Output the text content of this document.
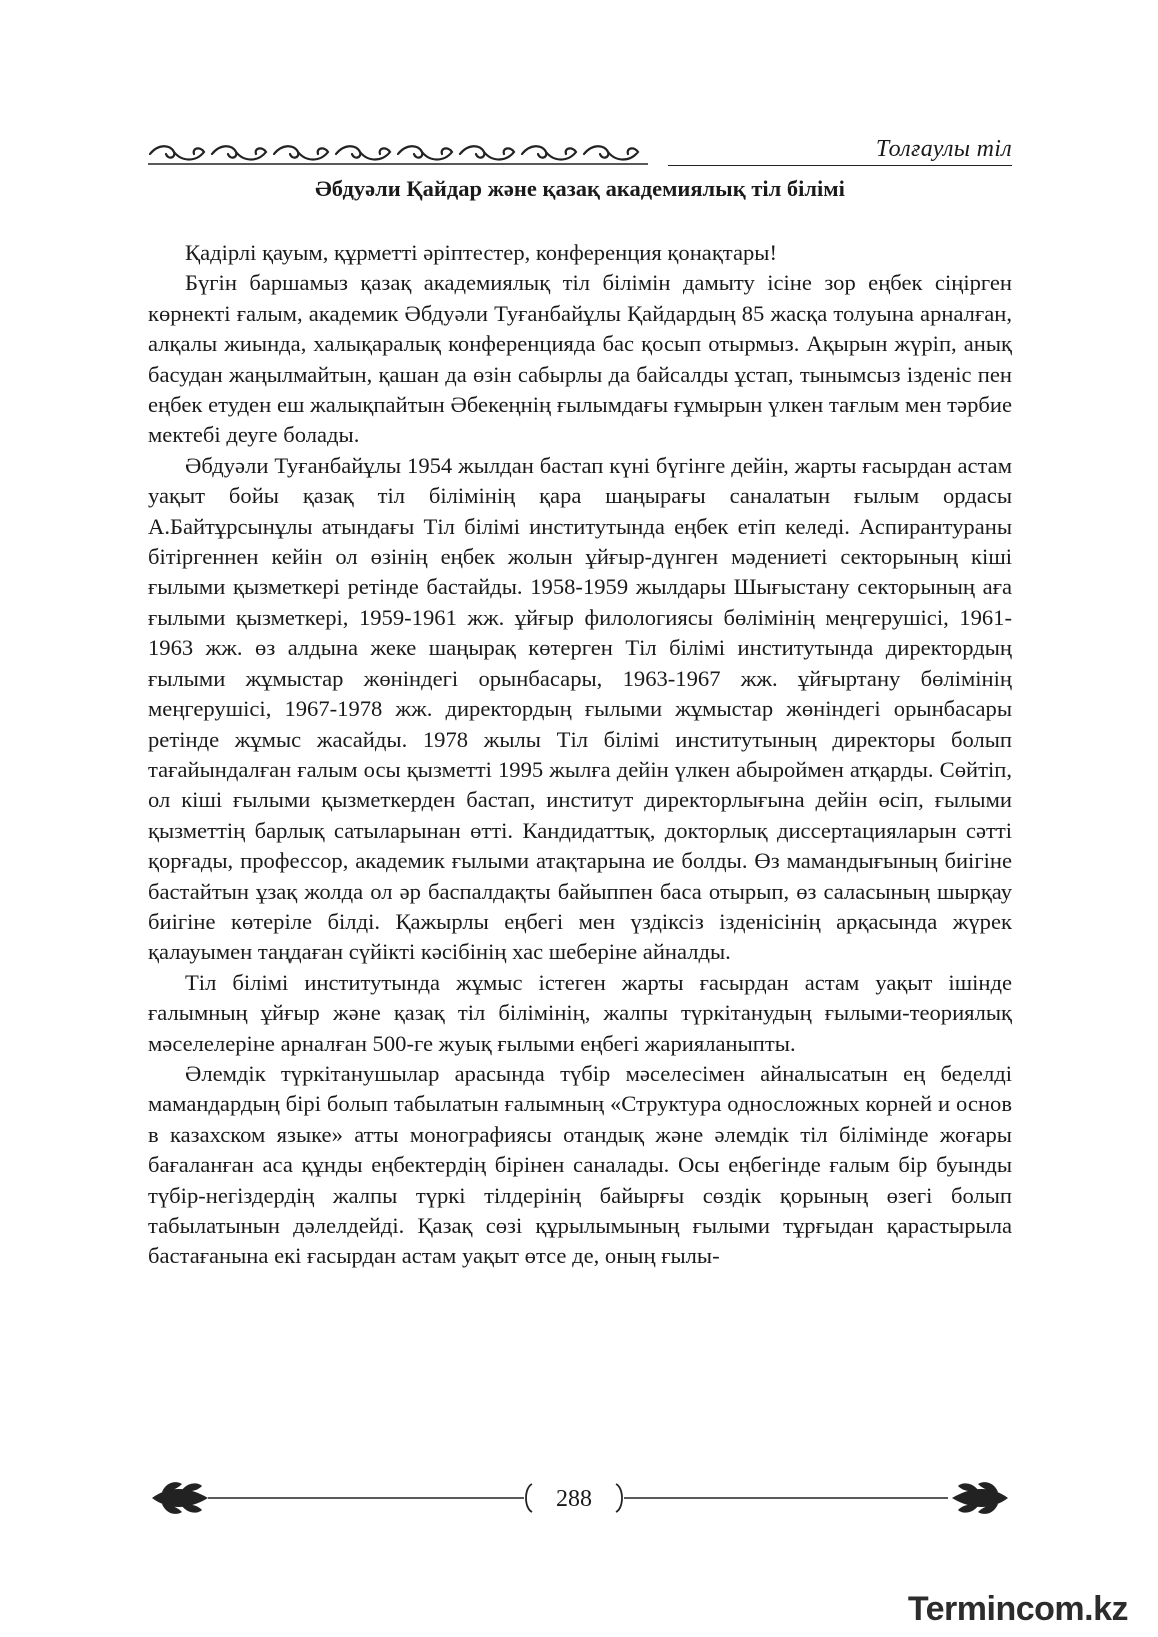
Толғаулы тіл
Әбдуәли Қайдар және қазақ академиялық тіл білімі

Қадірлі қауым, құрметті әріптестер, конференция қонақтары!

Бүгін баршамыз қазақ академиялық тіл білімін дамыту ісіне зор еңбек сіңірген көрнекті ғалым, академик Әбдуәли Туғанбайұлы Қайдардың 85 жасқа толуына арналған, алқалы жиында, халықаралық конференцияда бас қосып отырмыз. Ақырын жүріп, анық басудан жаңылмайтын, қашан да өзін сабырлы да байсалды ұстап, тынымсыз ізденіс пен еңбек етуден еш жалықпайтын Әбекеңнің ғылымдағы ғұмырын үлкен тағлым мен тәрбие мектебі деуге болады.

Әбдуәли Туғанбайұлы 1954 жылдан бастап күні бүгінге дейін, жарты ғасырдан астам уақыт бойы қазақ тіл білімінің қара шаңырағы саналатын ғылым ордасы А.Байтұрсынұлы атындағы Тіл білімі институтында еңбек етіп келеді. Аспирантураны бітіргеннен кейін ол өзінің еңбек жолын ұйғыр-дүнген мәдениеті секторының кіші ғылыми қызметкері ретінде бастайды. 1958-1959 жылдары Шығыстану секторының аға ғылыми қызметкері, 1959-1961 жж. ұйғыр филологиясы бөлімінің меңгерушісі, 1961-1963 жж. өз алдына жеке шаңырақ көтерген Тіл білімі институтында директордың ғылыми жұмыстар жөніндегі орынбасары, 1963-1967 жж. ұйғыртану бөлімінің меңгерушісі, 1967-1978 жж. директордың ғылыми жұмыстар жөніндегі орынбасары ретінде жұмыс жасайды. 1978 жылы Тіл білімі институтының директоры болып тағайындалған ғалым осы қызметті 1995 жылға дейін үлкен абыроймен атқарды. Сөйтіп, ол кіші ғылыми қызметкерден бастап, институт директорлығына дейін өсіп, ғылыми қызметтің барлық сатыларынан өтті. Кандидаттық, докторлық диссертацияларын сәтті қорғады, профессор, академик ғылыми атақтарына ие болды. Өз мамандығының биігіне бастайтын ұзақ жолда ол әр баспалдақты байыппен баса отырып, өз саласының шырқау биігіне көтеріле білді. Қажырлы еңбегі мен үздіксіз ізденісінің арқасында жүрек қалауымен таңдаған сүйікті кәсібінің хас шеберіне айналды.

Тіл білімі институтында жұмыс істеген жарты ғасырдан астам уақыт ішінде ғалымның ұйғыр және қазақ тіл білімінің, жалпы түркітанудың ғылыми-теориялық мәселелеріне арналған 500-ге жуық ғылыми еңбегі жарияланыпты.

Әлемдік түркітанушылар арасында түбір мәселесімен айналысатын ең беделді мамандардың бірі болып табылатын ғалымның «Структура односложных корней и основ в казахском языке» атты монографиясы отандық және әлемдік тіл білімінде жоғары бағаланған аса құнды еңбектердің бірінен саналады. Осы еңбегінде ғалым бір буынды түбір-негіздердің жалпы түркі тілдерінің байырғы сөздік қорының өзегі болып табылатынын дәлелдейді. Қазақ сөзі құрылымының ғылыми тұрғыдан қарастырыла бастағанына екі ғасырдан астам уақыт өтсе де, оның ғылы-

288
Termincom.kz
